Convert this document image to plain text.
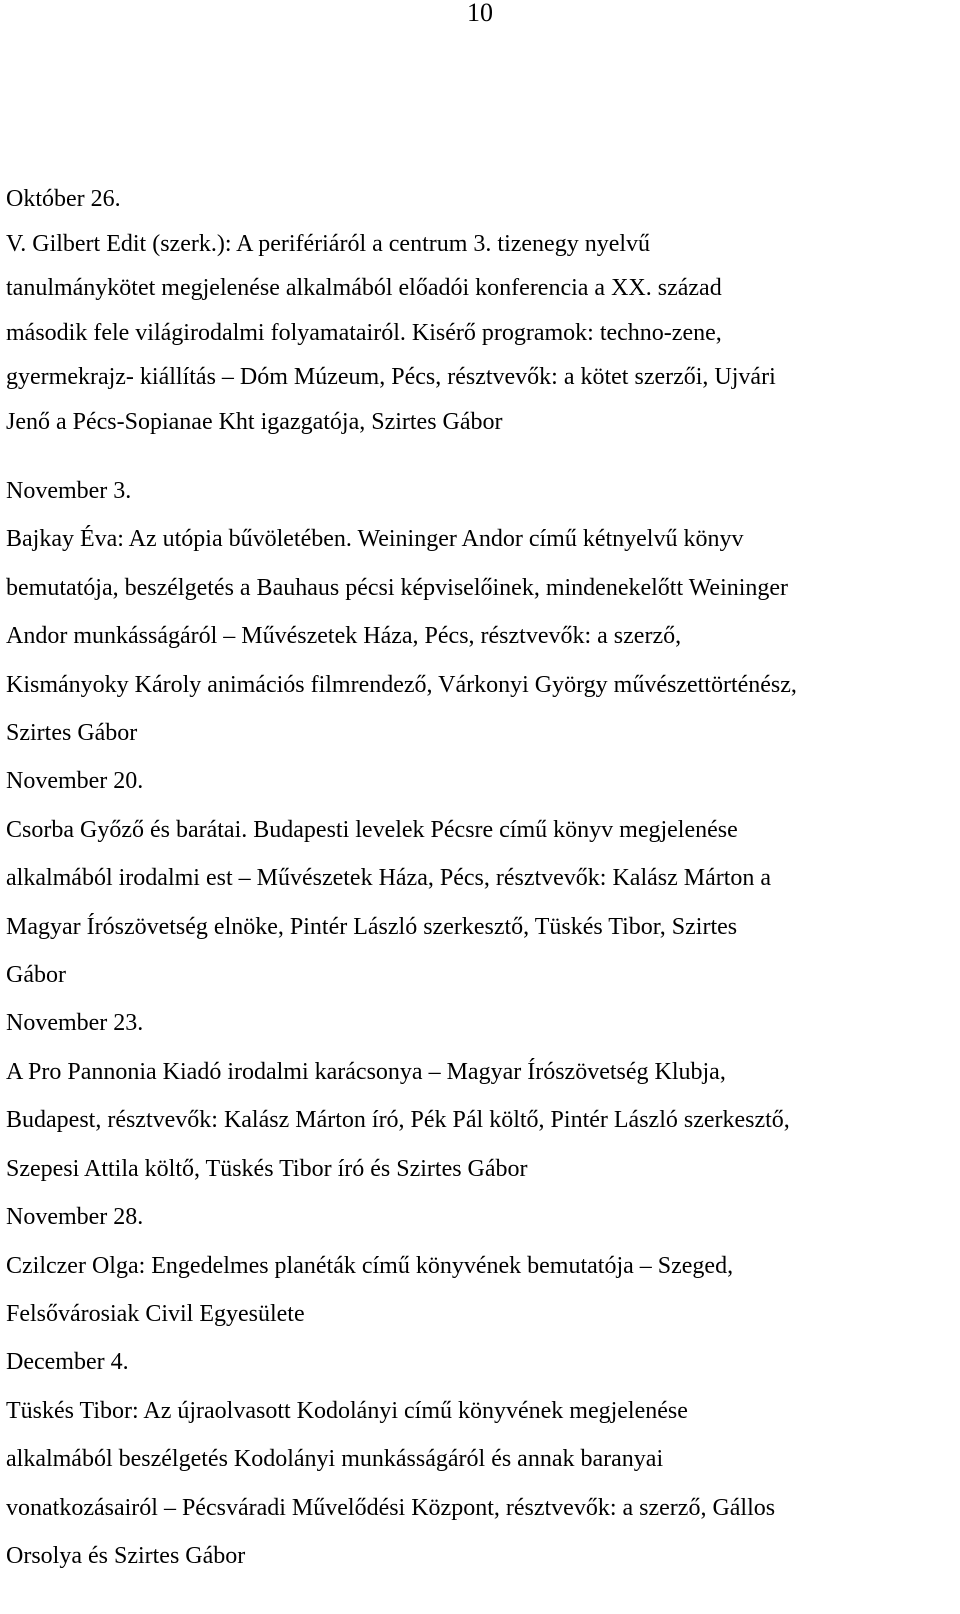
10
Október 26.
V. Gilbert Edit (szerk.): A perifériáról a centrum 3. tizenegy nyelvű
tanulmánykötet megjelenése alkalmából előadói konferencia a XX. század
második fele világirodalmi folyamatairól. Kisérő programok: techno-zene,
gyermekrajz- kiállítás – Dóm Múzeum, Pécs, résztvevők: a kötet szerzői, Ujvári
Jenő a Pécs-Sopianae Kht igazgatója, Szirtes Gábor
November 3.
Bajkay Éva: Az utópia bűvöletében. Weininger Andor című kétnyelvű könyv
bemutatója, beszélgetés a Bauhaus pécsi képviselőinek, mindenekelőtt Weininger
Andor munkásságáról – Művészetek Háza, Pécs, résztvevők: a szerző,
Kismányoky Károly animációs filmrendező, Várkonyi György művészettörténész,
Szirtes Gábor
November 20.
Csorba Győző és barátai. Budapesti levelek Pécsre című könyv megjelenése
alkalmából irodalmi est – Művészetek Háza, Pécs, résztvevők: Kalász Márton a
Magyar Írószövetség elnöke, Pintér László szerkesztő, Tüskés Tibor, Szirtes
Gábor
November 23.
A Pro Pannonia Kiadó irodalmi karácsonya – Magyar Írószövetség Klubja,
Budapest, résztvevők: Kalász Márton író, Pék Pál költő, Pintér László szerkesztő,
Szepesi Attila költő, Tüskés Tibor író és Szirtes Gábor
November 28.
Czilczer Olga: Engedelmes planéták című könyvének bemutatója – Szeged,
Felsővárosiak Civil Egyesülete
December 4.
Tüskés Tibor: Az újraolvasott Kodolányi című könyvének megjelenése
alkalmából beszélgetés Kodolányi munkásságáról és annak baranyai
vonatkozásairól – Pécsváradi Művelődési Központ, résztvevők: a szerző, Gállos
Orsolya és Szirtes Gábor
